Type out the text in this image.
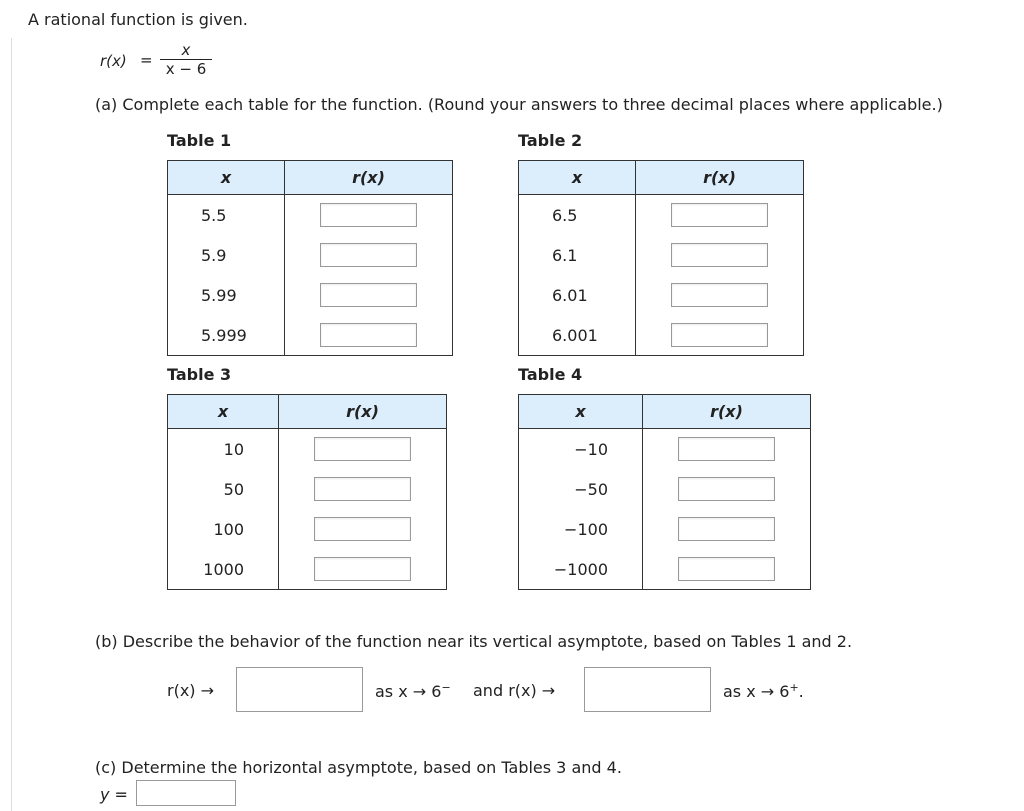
A rational function is given.
$r(x) = \frac{x}{x - 6}$
(a) Complete each table for the function. (Round your answers to three decimal places where applicable.)
Table 1
x	r(x)
5.5	
5.9	
5.99	
5.999	
Table 2
x	r(x)
6.5	
6.1	
6.01	
6.001	
Table 3
x	r(x)
10	
50	
100	
1000	
Table 4
x	r(x)
−10	
−50	
−100	
−1000	
(b) Describe the behavior of the function near its vertical asymptote, based on Tables 1 and 2.
r(x) →	as x → 6− and r(x) →	as x → 6+.
(c) Determine the horizontal asymptote, based on Tables 3 and 4.
y =
